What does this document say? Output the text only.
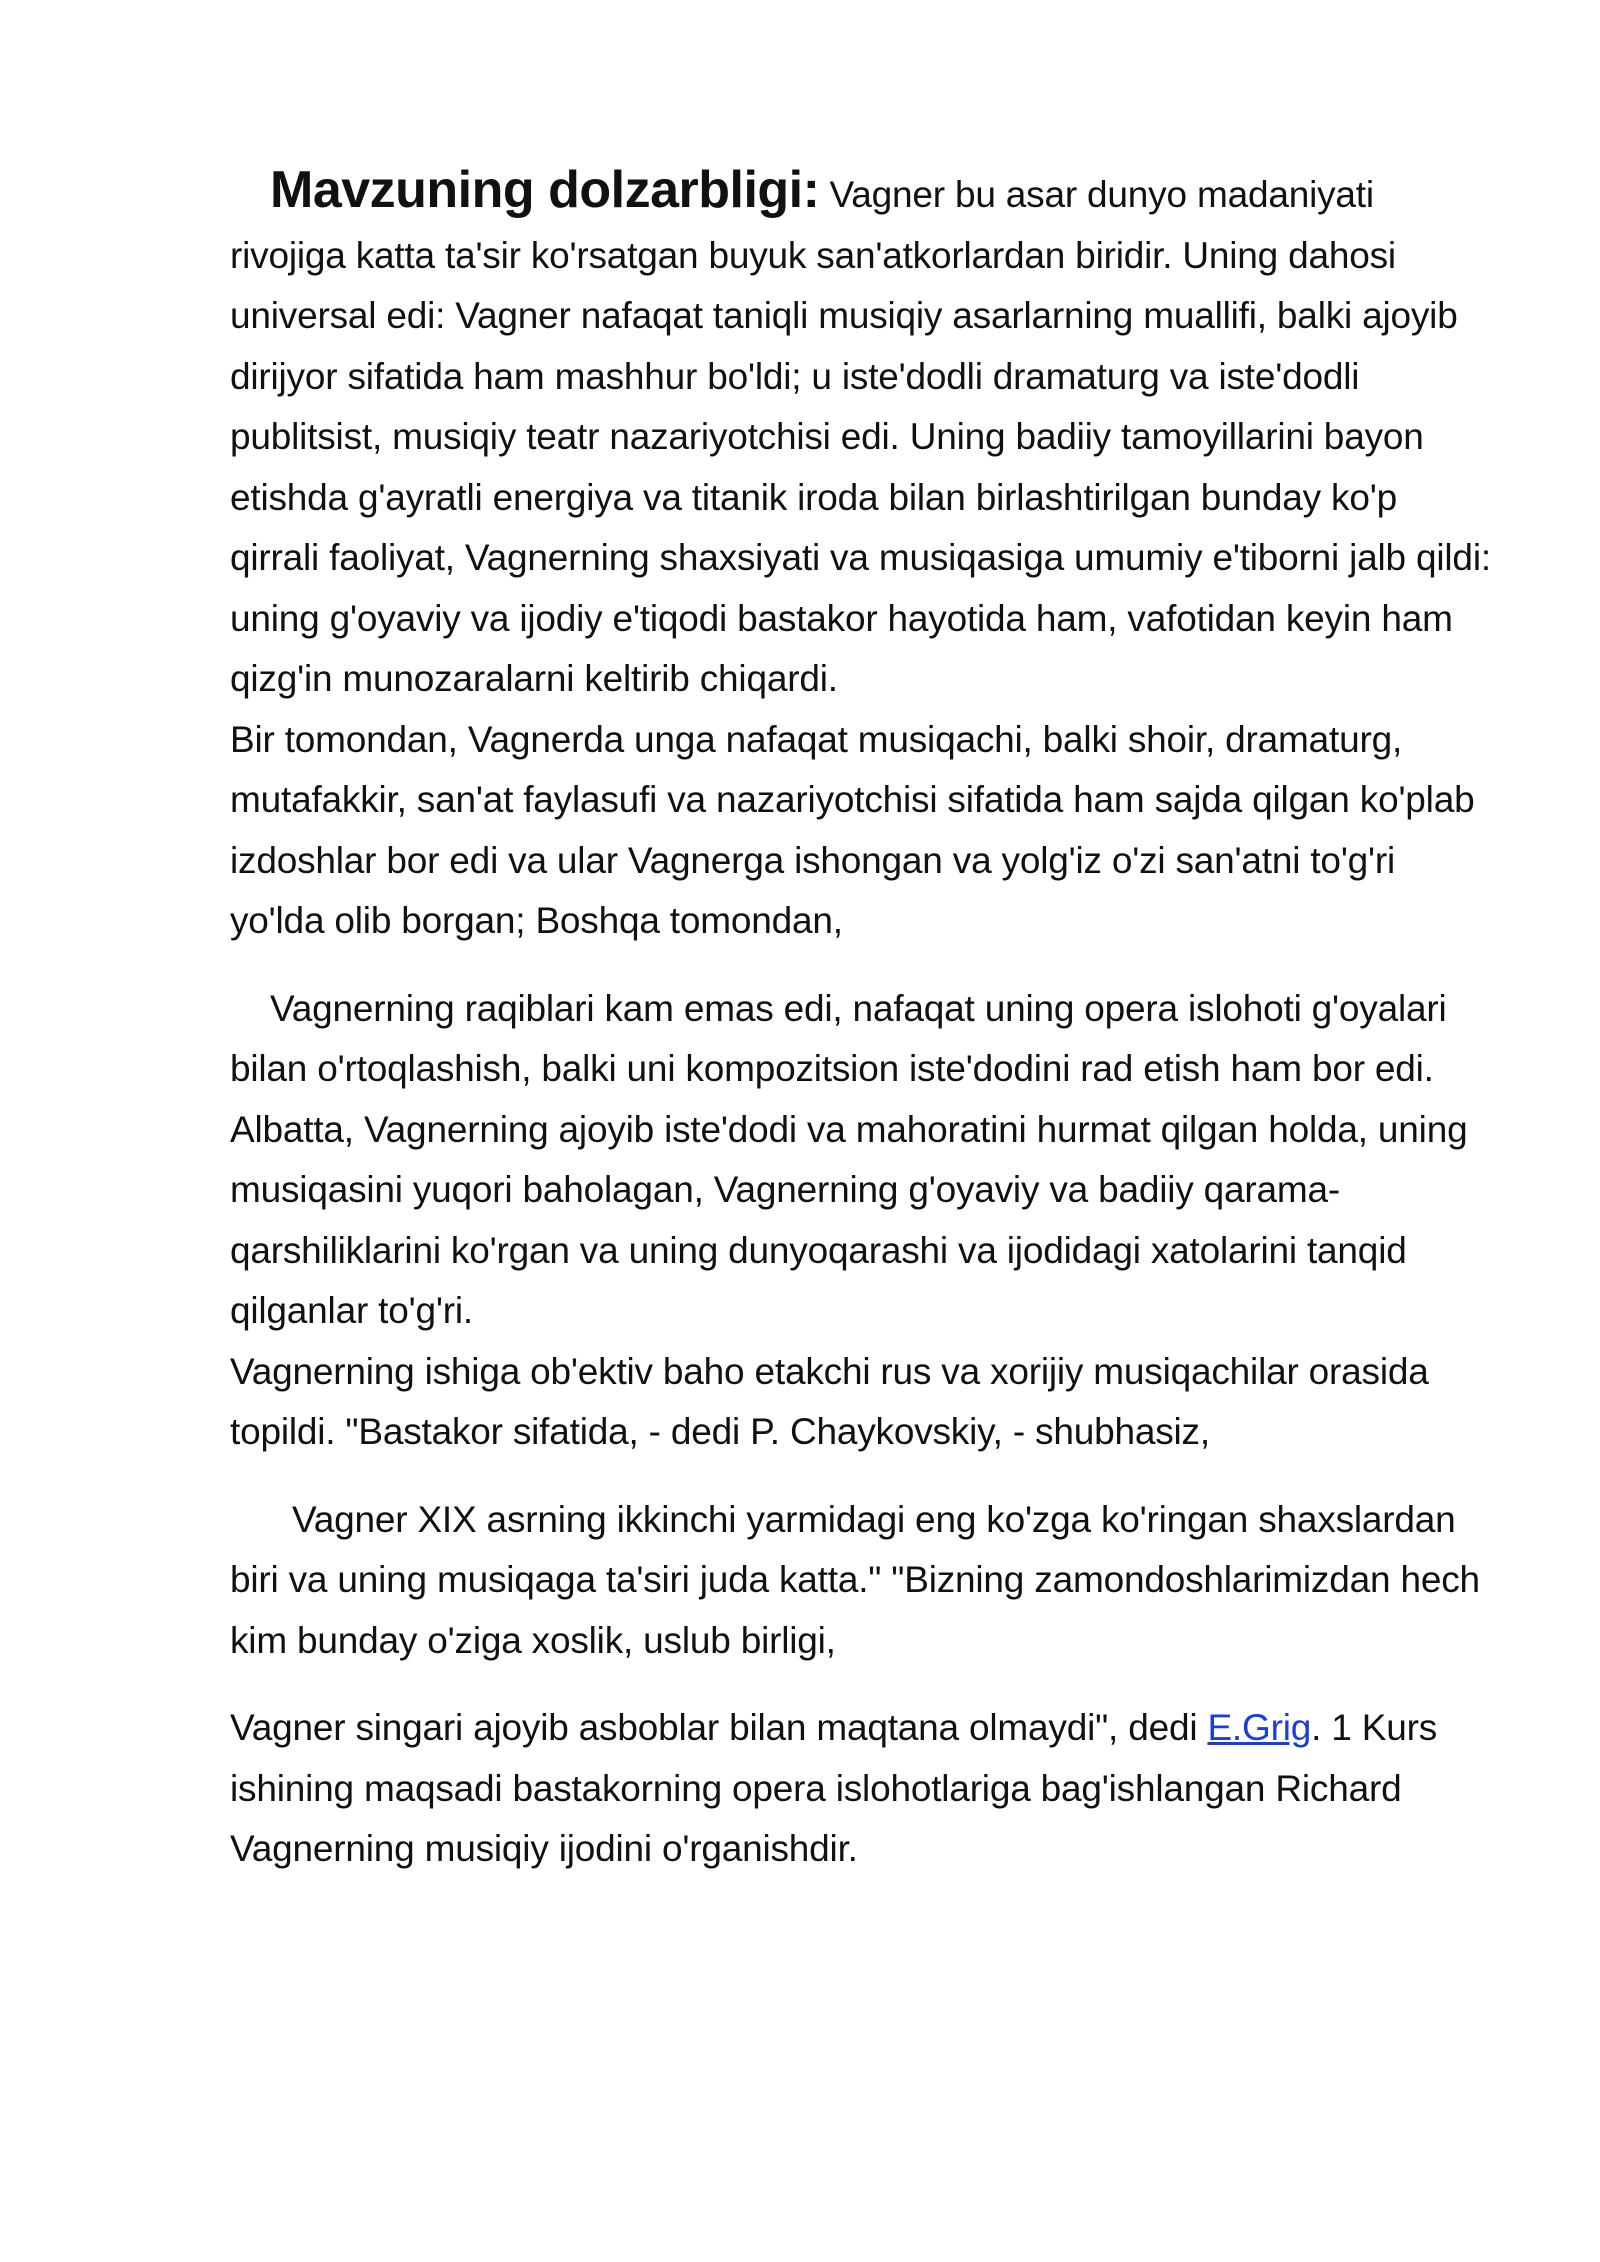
Mavzuning dolzarbligi: Vagner bu asar dunyo madaniyati rivojiga katta ta'sir ko'rsatgan buyuk san'atkorlardan biridir. Uning dahosi universal edi: Vagner nafaqat taniqli musiqiy asarlarning muallifi, balki ajoyib dirijyor sifatida ham mashhur bo'ldi; u iste'dodli dramaturg va iste'dodli publitsist, musiqiy teatr nazariyotchisi edi. Uning badiiy tamoyillarini bayon etishda g'ayratli energiya va titanik iroda bilan birlashtirilgan bunday ko'p qirrali faoliyat, Vagnerning shaxsiyati va musiqasiga umumiy e'tiborni jalb qildi: uning g'oyaviy va ijodiy e'tiqodi bastakor hayotida ham, vafotidan keyin ham qizg'in munozaralarni keltirib chiqardi.

Bir tomondan, Vagnerda unga nafaqat musiqachi, balki shoir, dramaturg, mutafakkir, san'at faylasufi va nazariyotchisi sifatida ham sajda qilgan ko'plab izdoshlar bor edi va ular Vagnerga ishongan va yolg'iz o'zi san'atni to'g'ri yo'lda olib borgan; Boshqa tomondan,

Vagnerning raqiblari kam emas edi, nafaqat uning opera islohoti g'oyalari bilan o'rtoqlashish, balki uni kompozitsion iste'dodini rad etish ham bor edi. Albatta, Vagnerning ajoyib iste'dodi va mahoratini hurmat qilgan holda, uning musiqasini yuqori baholagan, Vagnerning g'oyaviy va badiiy qarama-qarshiliklarini ko'rgan va uning dunyoqarashi va ijodidagi xatolarini tanqid qilganlar to'g'ri.

Vagnerning ishiga ob'ektiv baho etakchi rus va xorijiy musiqachilar orasida topildi. "Bastakor sifatida, - dedi P. Chaykovskiy, - shubhasiz,

Vagner XIX asrning ikkinchi yarmidagi eng ko'zga ko'ringan shaxslardan biri va uning musiqaga ta'siri juda katta." "Bizning zamondoshlarimizdan hech kim bunday o'ziga xoslik, uslub birligi,

Vagner singari ajoyib asboblar bilan maqtana olmaydi", dedi E.Grig. 1 Kurs ishining maqsadi bastakorning opera islohotlariga bag'ishlangan Richard Vagnerning musiqiy ijodini o'rganishdir.
